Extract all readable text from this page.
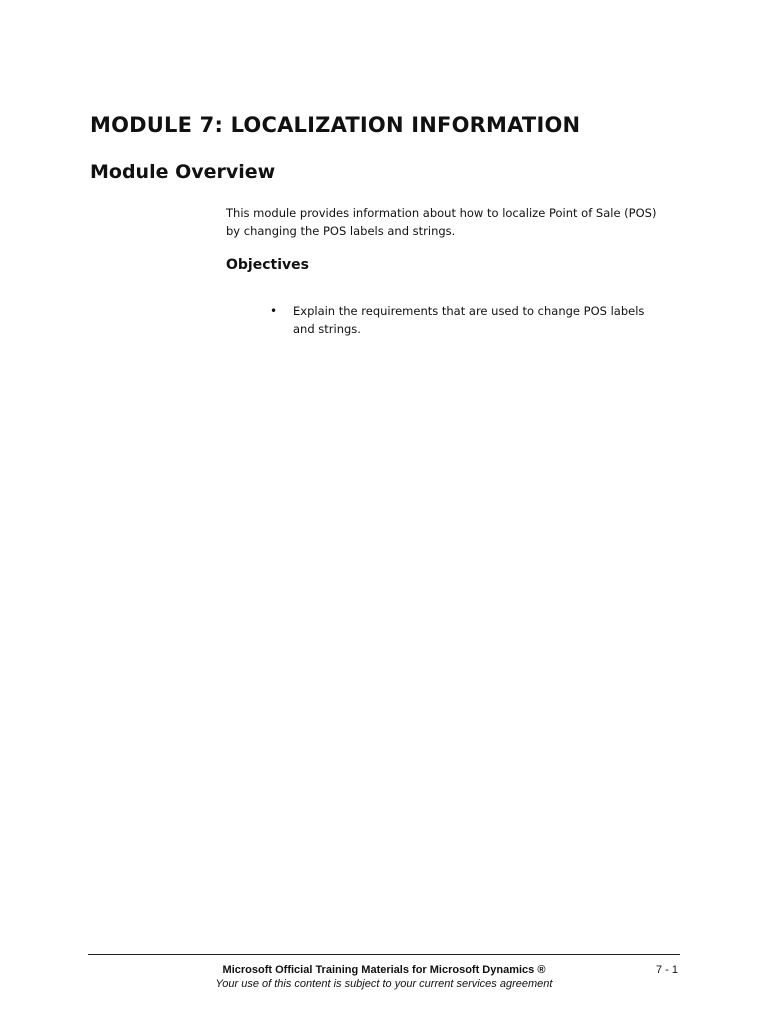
MODULE 7: LOCALIZATION INFORMATION
Module Overview

This module provides information about how to localize Point of Sale (POS) by changing the POS labels and strings.

Objectives
• Explain the requirements that are used to change POS labels and strings.
Microsoft Official Training Materials for Microsoft Dynamics ®
Your use of this content is subject to your current services agreement
7 - 1
